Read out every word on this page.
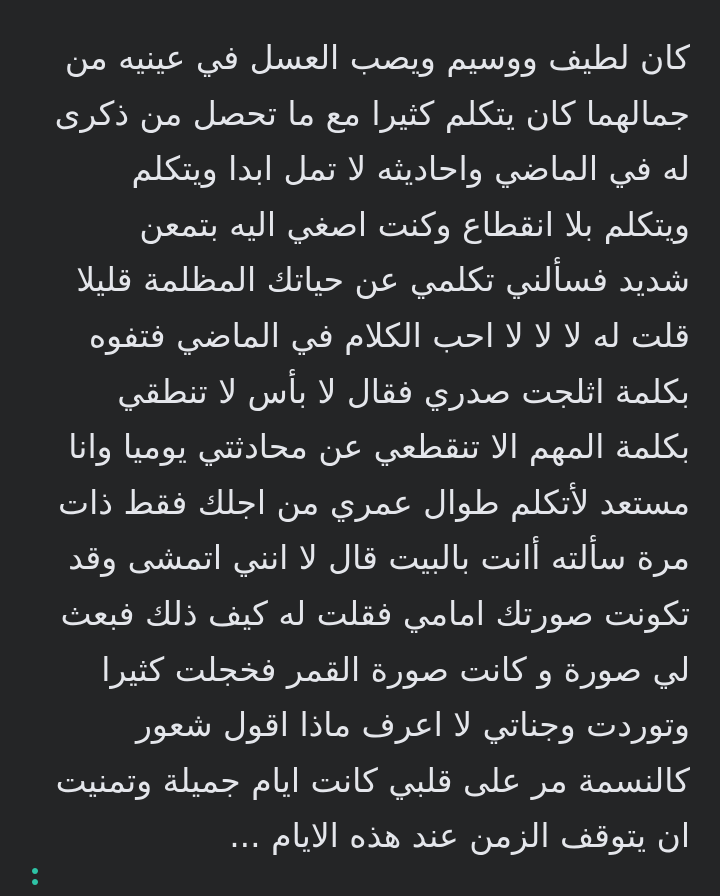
كان لطيف ووسيم ويصب العسل في عينيه من
جمالهما كان يتكلم كثيرا مع ما تحصل من ذكرى
له في الماضي واحاديثه لا تمل ابدا ويتكلم
ويتكلم بلا انقطاع وكنت اصغي اليه بتمعن
شديد فسألني تكلمي عن حياتك المظلمة قليلا
قلت له لا لا لا احب الكلام في الماضي فتفوه
بكلمة اثلجت صدري فقال لا بأس لا تنطقي
بكلمة المهم الا تنقطعي عن محادثتي يوميا وانا
مستعد لأتكلم طوال عمري من اجلك فقط ذات
مرة سألته أانت بالبيت قال لا انني اتمشى وقد
تكونت صورتك امامي فقلت له كيف ذلك فبعث
لي صورة و كانت صورة القمر فخجلت كثيرا
وتوردت وجناتي لا اعرف ماذا اقول شعور
كالنسمة مر على قلبي كانت ايام جميلة وتمنيت
ان يتوقف الزمن عند هذه الايام ...
